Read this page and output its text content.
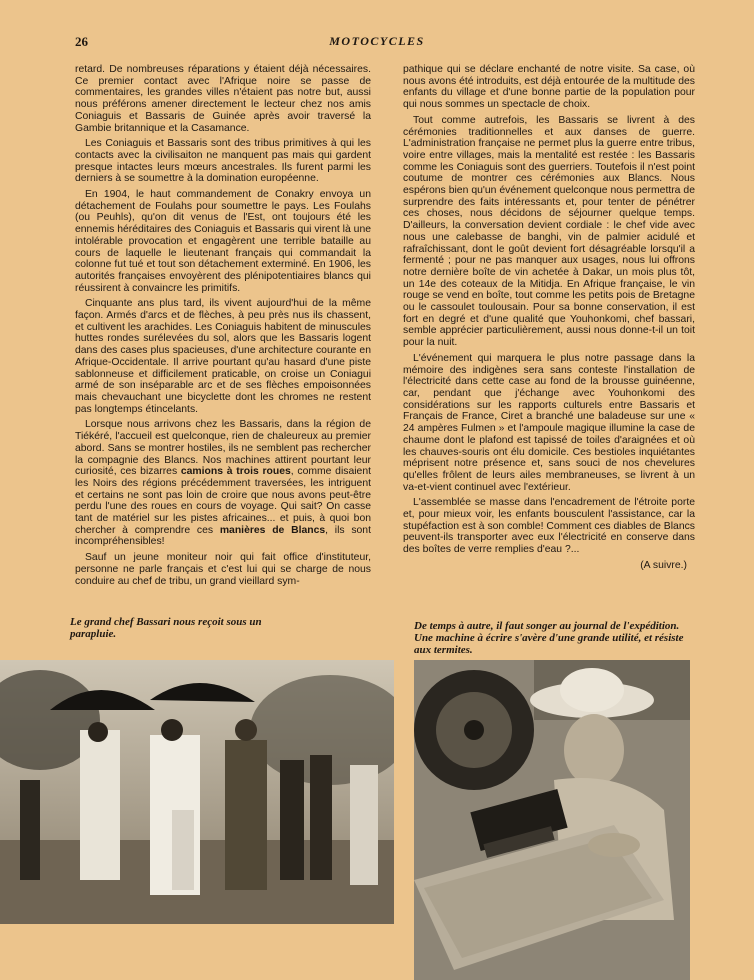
26	MOTOCYCLES

retard. De nombreuses réparations y étaient déjà nécessaires. Ce premier contact avec l'Afrique noire se passe de commentaires, les grandes villes n'étaient pas notre but, aussi nous préférons amener directement le lecteur chez nos amis Coniaguis et Bassaris de Guinée après avoir traversé la Gambie britannique et la Casamance.

Les Coniaguis et Bassaris sont des tribus primitives à qui les contacts avec la civilisaiton ne manquent pas mais qui gardent presque intactes leurs mœurs ancestrales. Ils furent parmi les derniers à se soumettre à la domination européenne.

En 1904, le haut commandement de Conakry envoya un détachement de Foulahs pour soumettre le pays. Les Foulahs (ou Peuhls), qu'on dit venus de l'Est, ont toujours été les ennemis héréditaires des Coniaguis et Bassaris qui virent là une intolérable provocation et engagèrent une terrible bataille au cours de laquelle le lieutenant français qui commandait la colonne fut tué et tout son détachement exterminé. En 1906, les autorités françaises envoyèrent des plénipotentiaires blancs qui réussirent à convaincre les primitifs.

Cinquante ans plus tard, ils vivent aujourd'hui de la même façon. Armés d'arcs et de flèches, à peu près nus ils chassent, et cultivent les arachides. Les Coniaguis habitent de minuscules huttes rondes surélevées du sol, alors que les Bassaris logent dans des cases plus spacieuses, d'une architecture courante en Afrique-Occidentale. Il arrive pourtant qu'au hasard d'une piste sablonneuse et difficilement praticable, on croise un Coniagui armé de son inséparable arc et de ses flèches empoisonnées mais chevauchant une bicyclette dont les chromes ne restent pas longtemps étincelants.

Lorsque nous arrivons chez les Bassaris, dans la région de Tiékéré, l'accueil est quelconque, rien de chaleureux au premier abord. Sans se montrer hostiles, ils ne semblent pas rechercher la compagnie des Blancs. Nos machines attirent pourtant leur curiosité, ces bizarres camions à trois roues, comme disaient les Noirs des régions précédemment traversées, les intriguent et certains ne sont pas loin de croire que nous avons peut-être perdu l'une des roues en cours de voyage. Qui sait? On casse tant de matériel sur les pistes africaines... et puis, à quoi bon chercher à comprendre ces manières de Blancs, ils sont incompréhensibles!

Sauf un jeune moniteur noir qui fait office d'instituteur, personne ne parle français et c'est lui qui se charge de nous conduire au chef de tribu, un grand vieillard sym-

pathique qui se déclare enchanté de notre visite. Sa case, où nous avons été introduits, est déjà entourée de la multitude des enfants du village et d'une bonne partie de la population pour qui nous sommes un spectacle de choix.

Tout comme autrefois, les Bassaris se livrent à des cérémonies traditionnelles et aux danses de guerre. L'administration française ne permet plus la guerre entre tribus, voire entre villages, mais la mentalité est restée : les Bassaris comme les Coniaguis sont des guerriers. Toutefois il n'est point coutume de montrer ces cérémonies aux Blancs. Nous espérons bien qu'un événement quelconque nous permettra de surprendre des faits intéressants et, pour tenter de pénétrer ces choses, nous décidons de séjourner quelque temps. D'ailleurs, la conversation devient cordiale : le chef vide avec nous une calebasse de banghi, vin de palmier acidulé et rafraîchissant, dont le goût devient fort désagréable lorsqu'il a fermenté ; pour ne pas manquer aux usages, nous lui offrons notre dernière boîte de vin achetée à Dakar, un mois plus tôt, un 14e des coteaux de la Mitidja. En Afrique française, le vin rouge se vend en boîte, tout comme les petits pois de Bretagne ou le cassoulet toulousain. Pour sa bonne conservation, il est fort en degré et d'une qualité que Youhonkomi, chef bassari, semble apprécier particulièrement, aussi nous donne-t-il un toit pour la nuit.

L'événement qui marquera le plus notre passage dans la mémoire des indigènes sera sans conteste l'installation de l'électricité dans cette case au fond de la brousse guinéenne, car, pendant que j'échange avec Youhonkomi des considérations sur les rapports culturels entre Bassaris et Français de France, Ciret a branché une baladeuse sur une « 24 ampères Fulmen » et l'ampoule magique illumine la case de chaume dont le plafond est tapissé de toiles d'araignées et où les chauves-souris ont élu domicile. Ces bestioles inquiétantes méprisent notre présence et, sans souci de nos chevelures qu'elles frôlent de leurs ailes membraneuses, se livrent à un va-et-vient continuel avec l'extérieur.

L'assemblée se masse dans l'encadrement de l'étroite porte et, pour mieux voir, les enfants bousculent l'assistance, car la stupéfaction est à son comble! Comment ces diables de Blancs peuvent-ils transporter avec eux l'électricité en conserve dans des boîtes de verre remplies d'eau ?...

(A suivre.)
Le grand chef Bassari nous reçoit sous un parapluie.
De temps à autre, il faut songer au journal de l'expédition. Une machine à écrire s'avère d'une grande utilité, et résiste aux termites.
